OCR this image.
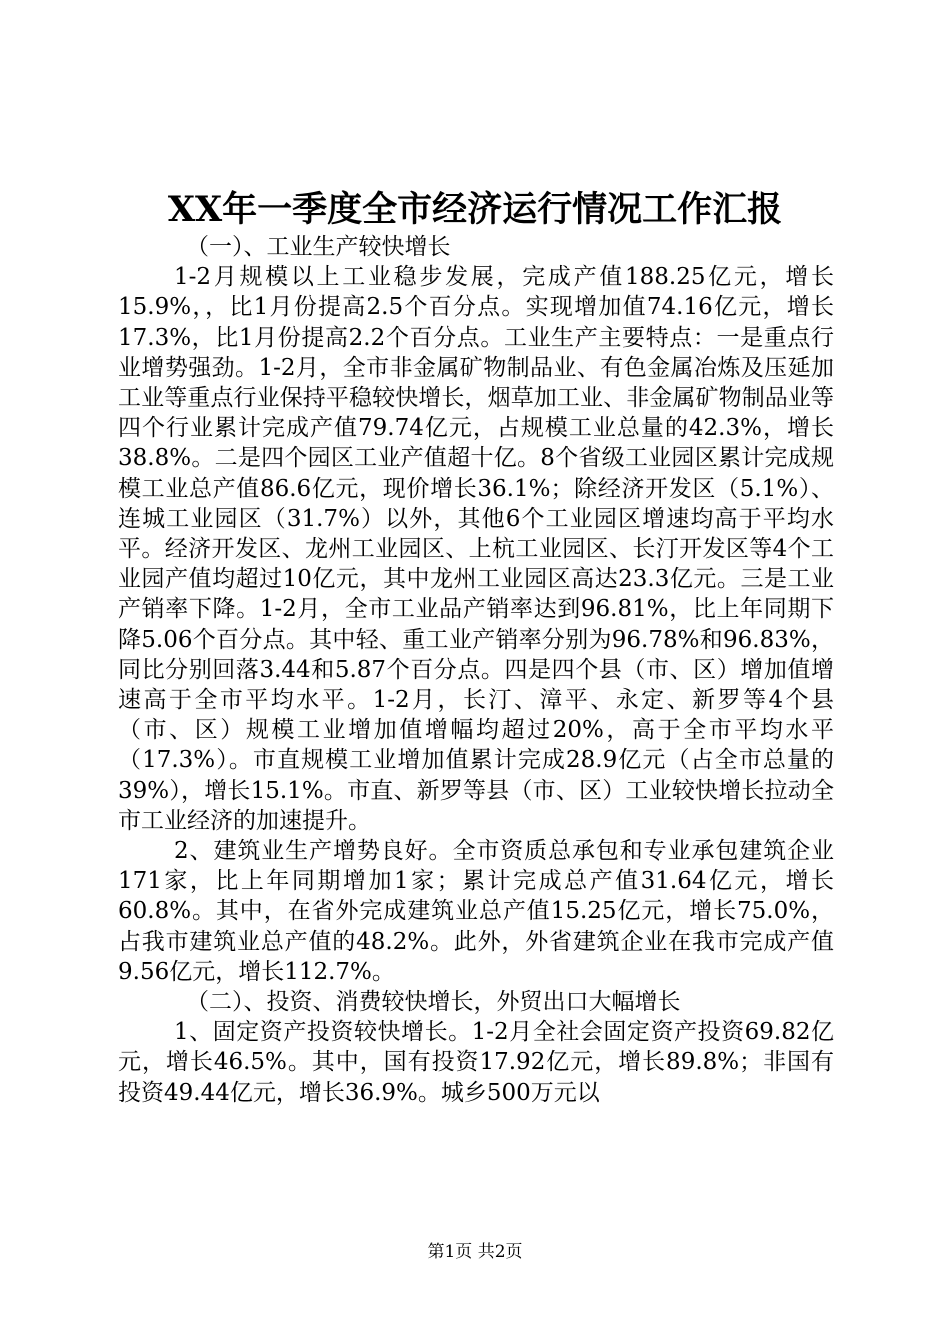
XX年一季度全市经济运行情况工作汇报

（一）、工业生产较快增长

1-2月规模以上工业稳步发展，完成产值188.25亿元，增长15.9%，，比1月份提高2.5个百分点。实现增加值74.16亿元，增长17.3%，比1月份提高2.2个百分点。工业生产主要特点：一是重点行业增势强劲。1-2月，全市非金属矿物制品业、有色金属冶炼及压延加工业等重点行业保持平稳较快增长，烟草加工业、非金属矿物制品业等四个行业累计完成产值79.74亿元，占规模工业总量的42.3%，增长38.8%。二是四个园区工业产值超十亿。8个省级工业园区累计完成规模工业总产值86.6亿元，现价增长36.1%；除经济开发区（5.1%）、连城工业园区（31.7%）以外，其他6个工业园区增速均高于平均水平。经济开发区、龙州工业园区、上杭工业园区、长汀开发区等4个工业园产值均超过10亿元，其中龙州工业园区高达23.3亿元。三是工业产销率下降。1-2月，全市工业品产销率达到96.81%，比上年同期下降5.06个百分点。其中轻、重工业产销率分别为96.78%和96.83%，同比分别回落3.44和5.87个百分点。四是四个县（市、区）增加值增速高于全市平均水平。1-2月，长汀、漳平、永定、新罗等4个县（市、区）规模工业增加值增幅均超过20%，高于全市平均水平（17.3%）。市直规模工业增加值累计完成28.9亿元（占全市总量的39%），增长15.1%。市直、新罗等县（市、区）工业较快增长拉动全市工业经济的加速提升。

2、建筑业生产增势良好。全市资质总承包和专业承包建筑企业171家，比上年同期增加1家；累计完成总产值31.64亿元，增长60.8%。其中，在省外完成建筑业总产值15.25亿元，增长75.0%，占我市建筑业总产值的48.2%。此外，外省建筑企业在我市完成产值9.56亿元，增长112.7%。

（二）、投资、消费较快增长，外贸出口大幅增长

1、固定资产投资较快增长。1-2月全社会固定资产投资69.82亿元，增长46.5%。其中，国有投资17.92亿元，增长89.8%；非国有投资49.44亿元，增长36.9%。城乡500万元以

第1页 共2页
